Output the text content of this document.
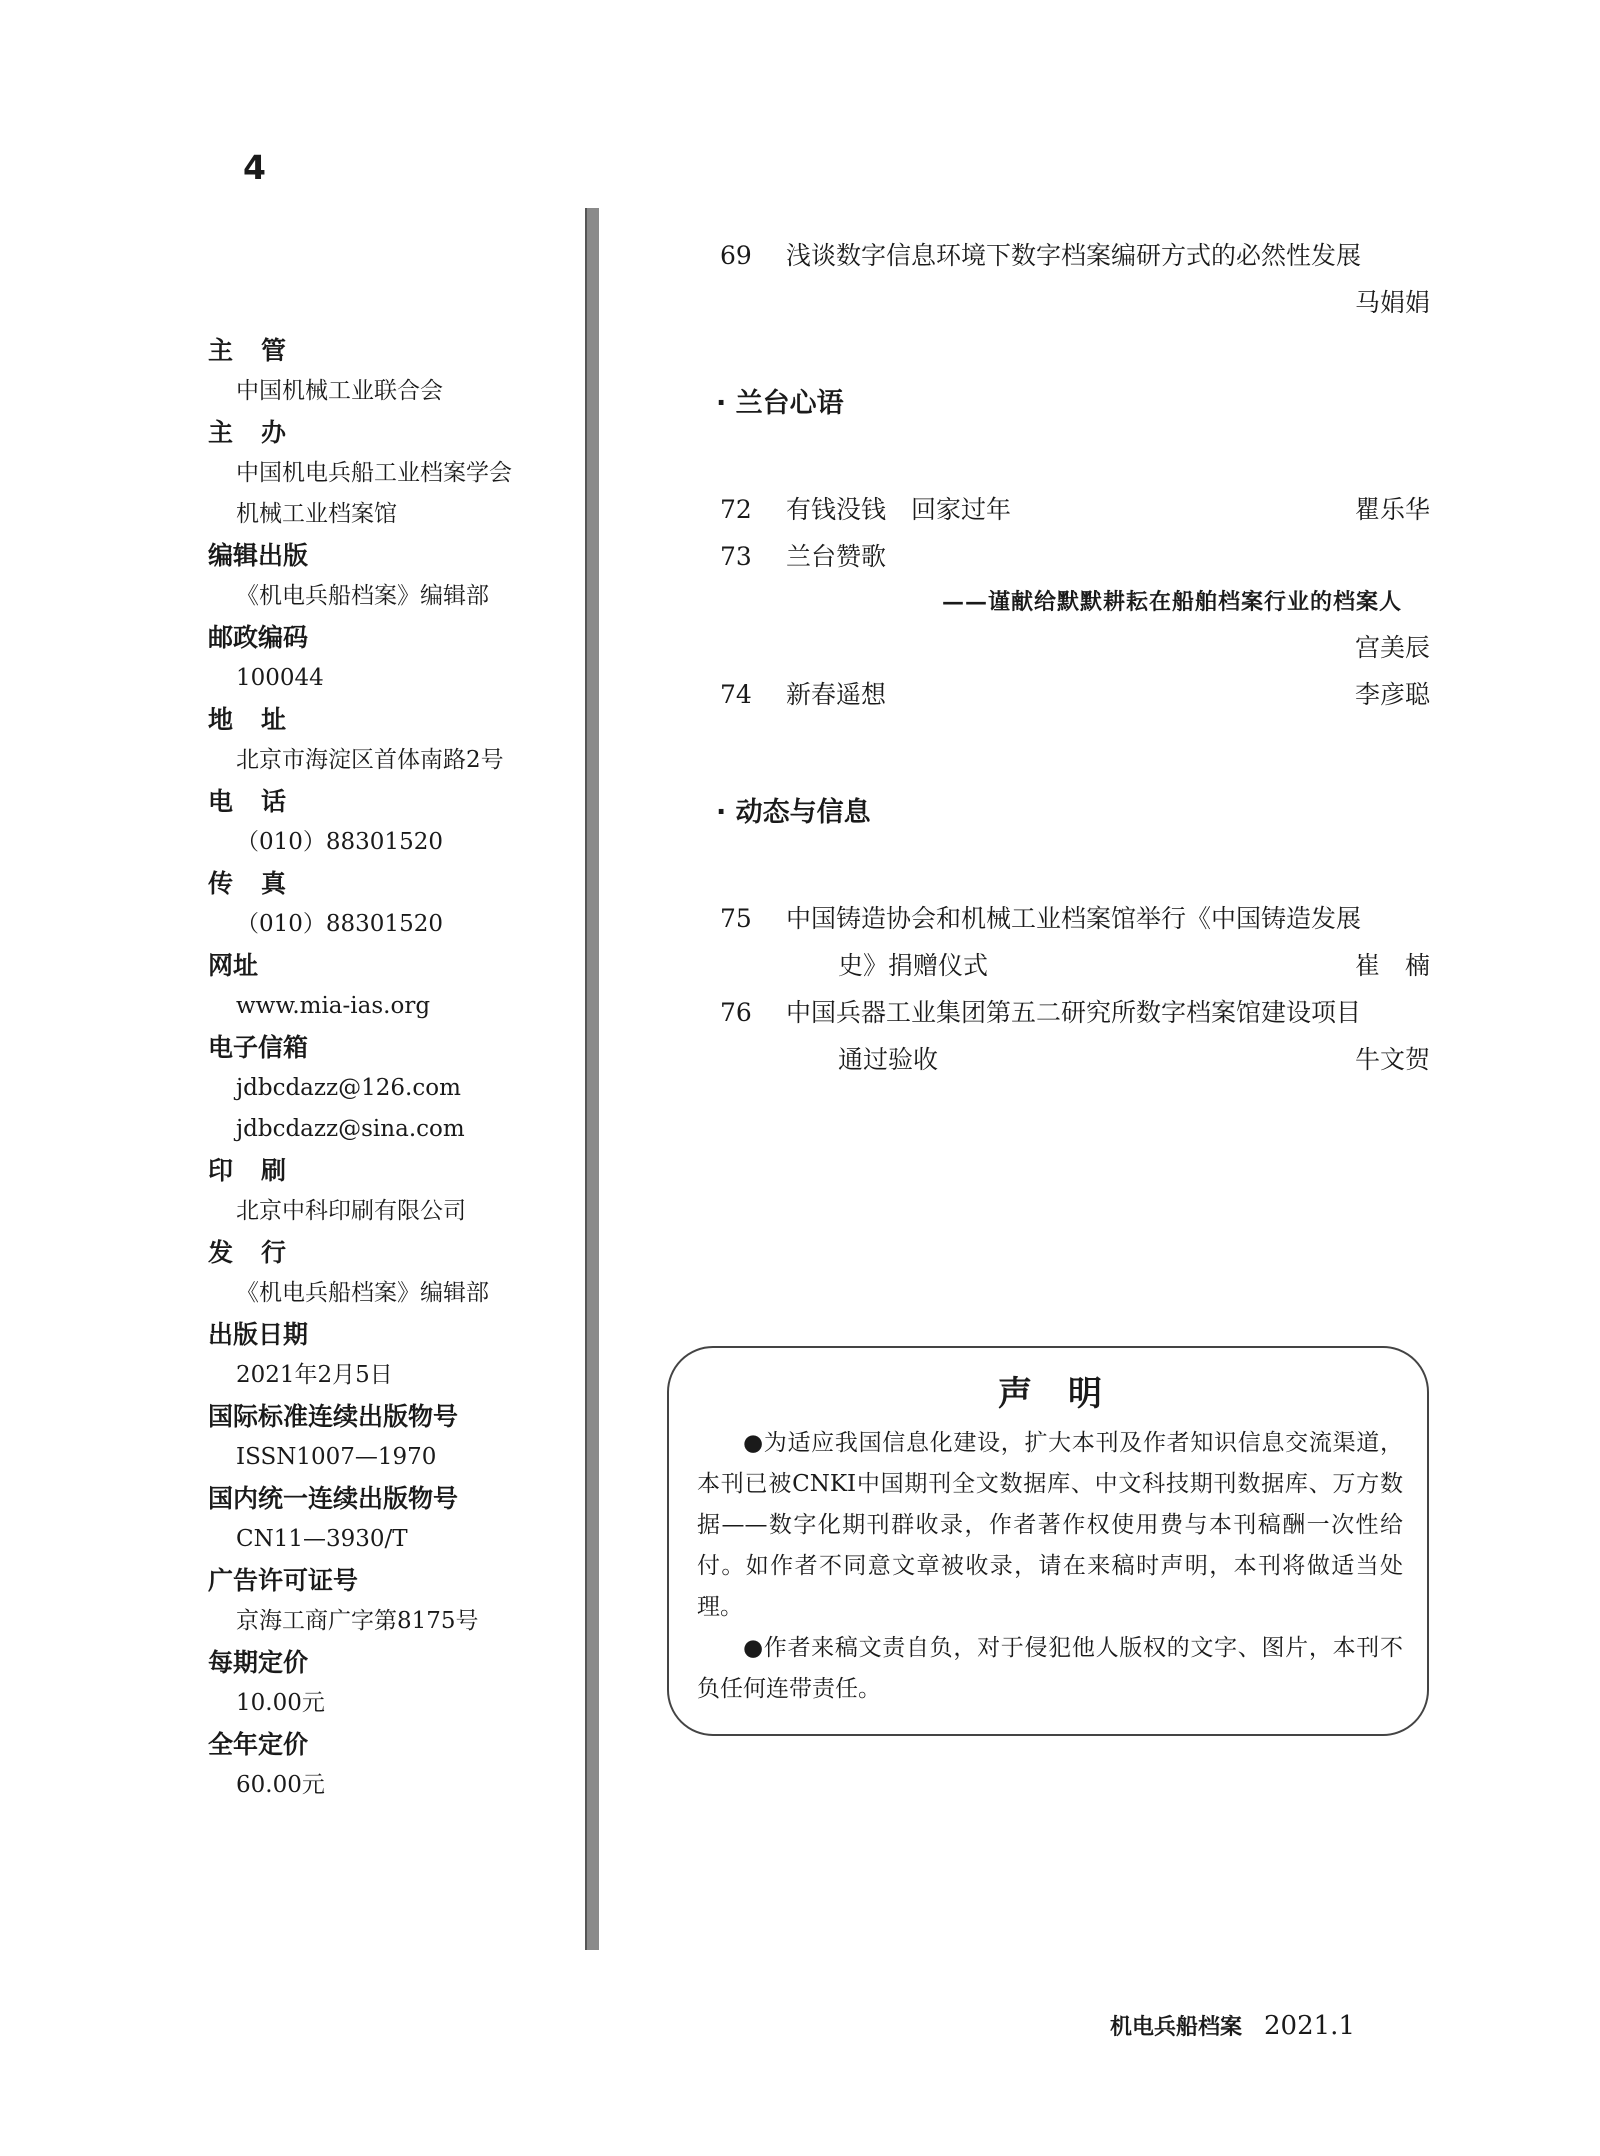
4
主管
中国机械工业联合会
主办
中国机电兵船工业档案学会
机械工业档案馆
编辑出版
《机电兵船档案》编辑部
邮政编码
100044
地址
北京市海淀区首体南路2号
电话
（010）88301520
传真
（010）88301520
网址
www.mia-ias.org
电子信箱
jdbcdazz@126.com
jdbcdazz@sina.com
印刷
北京中科印刷有限公司
发行
《机电兵船档案》编辑部
出版日期
2021年2月5日
国际标准连续出版物号
ISSN1007—1970
国内统一连续出版物号
CN11—3930/T
广告许可证号
京海工商广字第8175号
每期定价
10.00元
全年定价
60.00元
69	浅谈数字信息环境下数字档案编研方式的必然性发展
马娟娟
· 兰台心语
72	有钱没钱　回家过年	瞿乐华
73	兰台赞歌
——谨献给默默耕耘在船舶档案行业的档案人
宫美辰
74	新春遥想	李彦聪
· 动态与信息
75	中国铸造协会和机械工业档案馆举行《中国铸造发展
史》捐赠仪式	崔　楠
76	中国兵器工业集团第五二研究所数字档案馆建设项目
通过验收	牛文贺
声明

●为适应我国信息化建设，扩大本刊及作者知识信息交流渠道，本刊已被CNKI中国期刊全文数据库、中文科技期刊数据库、万方数据——数字化期刊群收录，作者著作权使用费与本刊稿酬一次性给付。如作者不同意文章被收录，请在来稿时声明，本刊将做适当处理。

●作者来稿文责自负，对于侵犯他人版权的文字、图片，本刊不负任何连带责任。

机电兵船档案 2021.1
